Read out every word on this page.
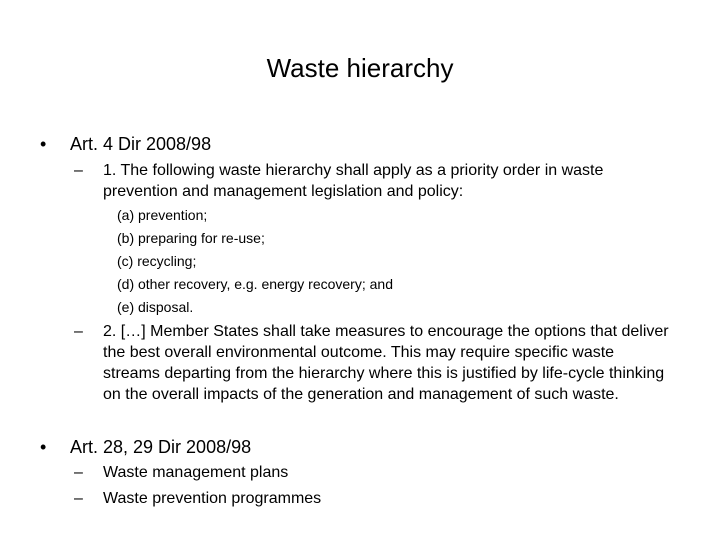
Waste hierarchy
• Art. 4 Dir 2008/98
– 1. The following waste hierarchy shall apply as a priority order in waste prevention and management legislation and policy:
(a) prevention;
(b) preparing for re-use;
(c) recycling;
(d) other recovery, e.g. energy recovery; and
(e) disposal.
– 2. […] Member States shall take measures to encourage the options that deliver the best overall environmental outcome. This may require specific waste streams departing from the hierarchy where this is justified by life-cycle thinking on the overall impacts of the generation and management of such waste.
• Art. 28, 29 Dir 2008/98
– Waste management plans
– Waste prevention programmes
